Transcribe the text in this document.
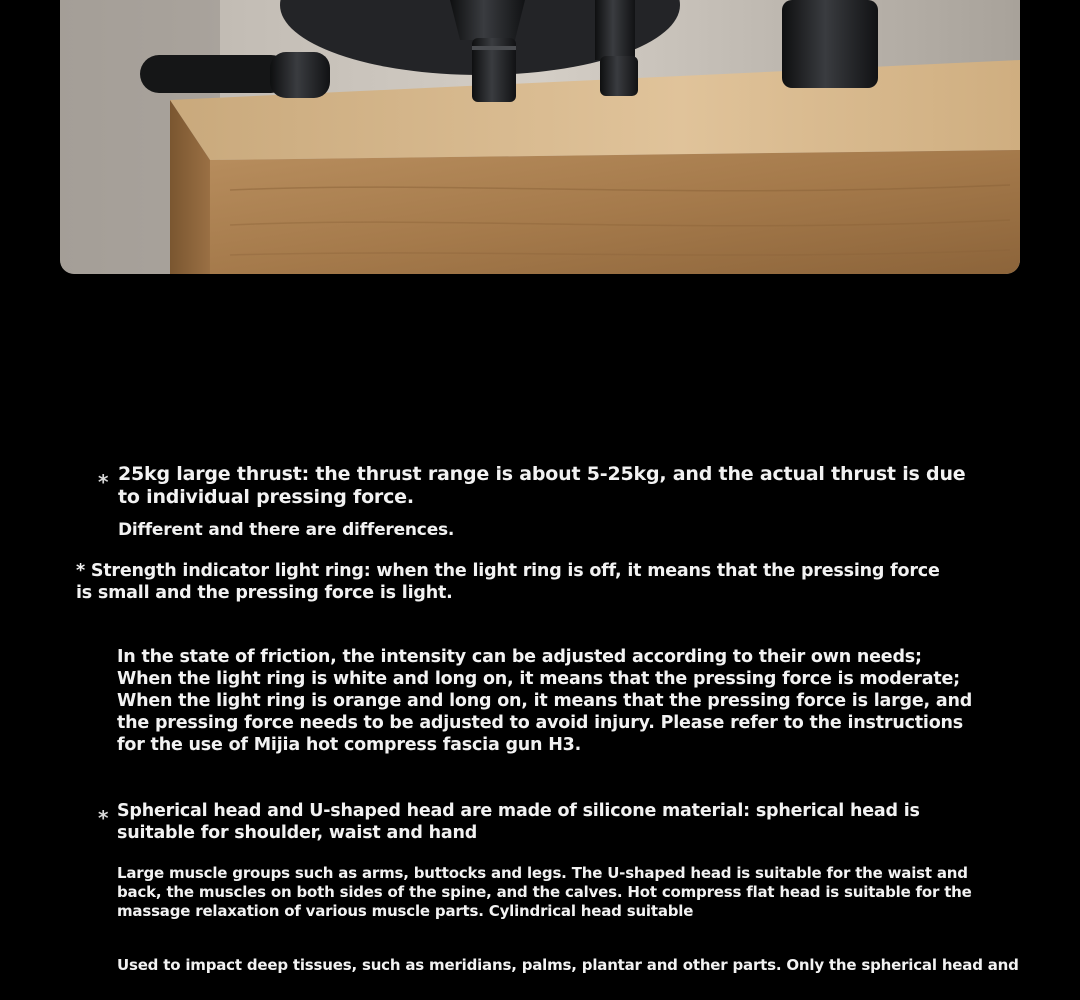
* 25kg large thrust: the thrust range is about 5-25kg, and the actual thrust is due
to individual pressing force.
Different and there are differences.
* Strength indicator light ring: when the light ring is off, it means that the pressing force
is small and the pressing force is light.
In the state of friction, the intensity can be adjusted according to their own needs;
When the light ring is white and long on, it means that the pressing force is moderate;
When the light ring is orange and long on, it means that the pressing force is large, and
the pressing force needs to be adjusted to avoid injury. Please refer to the instructions
for the use of Mijia hot compress fascia gun H3.
* Spherical head and U-shaped head are made of silicone material: spherical head is
suitable for shoulder, waist and hand
Large muscle groups such as arms, buttocks and legs. The U-shaped head is suitable for the waist and
back, the muscles on both sides of the spine, and the calves. Hot compress flat head is suitable for the
massage relaxation of various muscle parts. Cylindrical head suitable
Used to impact deep tissues, such as meridians, palms, plantar and other parts. Only the spherical head and
